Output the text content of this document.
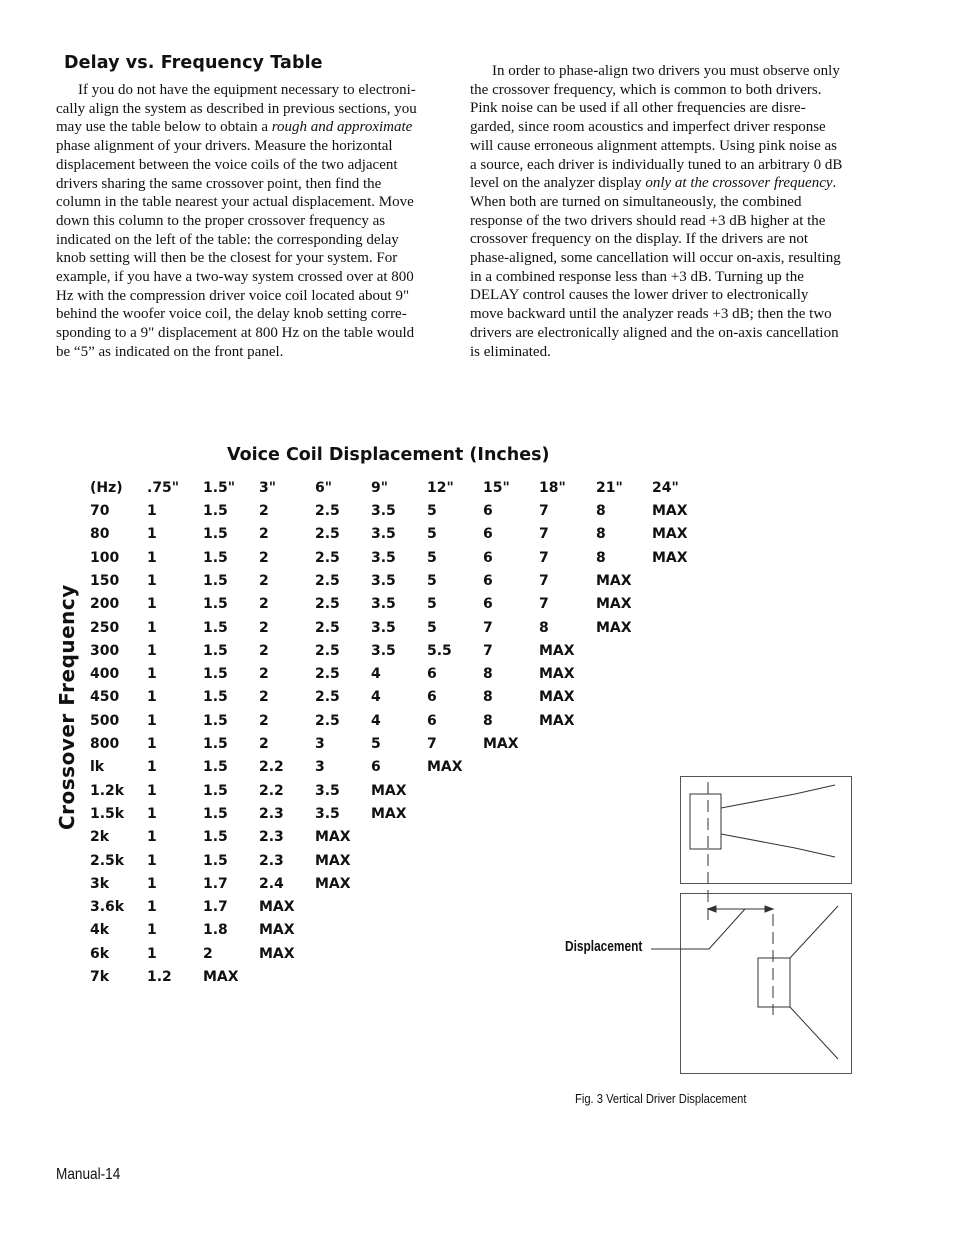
Delay vs. Frequency Table
If you do not have the equipment necessary to electroni-
cally align the system as described in previous sections, you
may use the table below to obtain a rough and approximate
phase alignment of your drivers. Measure the horizontal
displacement between the voice coils of the two adjacent
drivers sharing the same crossover point, then find the
column in the table nearest your actual displacement. Move
down this column to the proper crossover frequency as
indicated on the left of the table: the corresponding delay
knob setting will then be the closest for your system. For
example, if you have a two-way system crossed over at 800
Hz with the compression driver voice coil located about 9"
behind the woofer voice coil, the delay knob setting corre-
sponding to a 9" displacement at 800 Hz on the table would
be “5” as indicated on the front panel.
In order to phase-align two drivers you must observe only
the crossover frequency, which is common to both drivers.
Pink noise can be used if all other frequencies are disre-
garded, since room acoustics and imperfect driver response
will cause erroneous alignment attempts. Using pink noise as
a source, each driver is individually tuned to an arbitrary 0 dB
level on the analyzer display only at the crossover frequency.
When both are turned on simultaneously, the combined
response of the two drivers should read +3 dB higher at the
crossover frequency on the display. If the drivers are not
phase-aligned, some cancellation will occur on-axis, resulting
in a combined response less than +3 dB. Turning up the
DELAY control causes the lower driver to electronically
move backward until the analyzer reads +3 dB; then the two
drivers are electronically aligned and the on-axis cancellation
is eliminated.
Voice Coil Displacement (Inches)
Crossover Frequency
(Hz) .75" 1.5" 3"	6"	9"	12" 15" 18" 21" 24"
70	1	1.5 2	2.5 3.5 5	6	7	8	MAX
80	1	1.5 2	2.5 3.5 5	6	7	8	MAX
100 1	1.5 2	2.5 3.5 5	6	7	8	MAX
150 1	1.5 2	2.5 3.5 5	6	7	MAX
200 1	1.5 2	2.5 3.5 5	6	7	MAX
250 1	1.5 2	2.5 3.5 5	7	8	MAX
300 1	1.5 2	2.5 3.5 5.5 7	MAX
400 1	1.5 2	2.5 4	6	8	MAX
450 1	1.5 2	2.5 4	6	8	MAX
500 1	1.5 2	2.5 4	6	8	MAX
800 1	1.5 2	3	5	7	MAX
lk	1	1.5 2.2 3	6	MAX
1.2k 1	1.5 2.2 3.5 MAX
1.5k 1	1.5 2.3 3.5 MAX
2k	1	1.5 2.3 MAX
2.5k 1	1.5 2.3 MAX
3k	1	1.7 2.4 MAX
3.6k 1	1.7 MAX
4k	1	1.8 MAX
6k	1	2	MAX
7k	1.2 MAX
Displacement
Fig. 3 Vertical Driver Displacement
Manual-14
